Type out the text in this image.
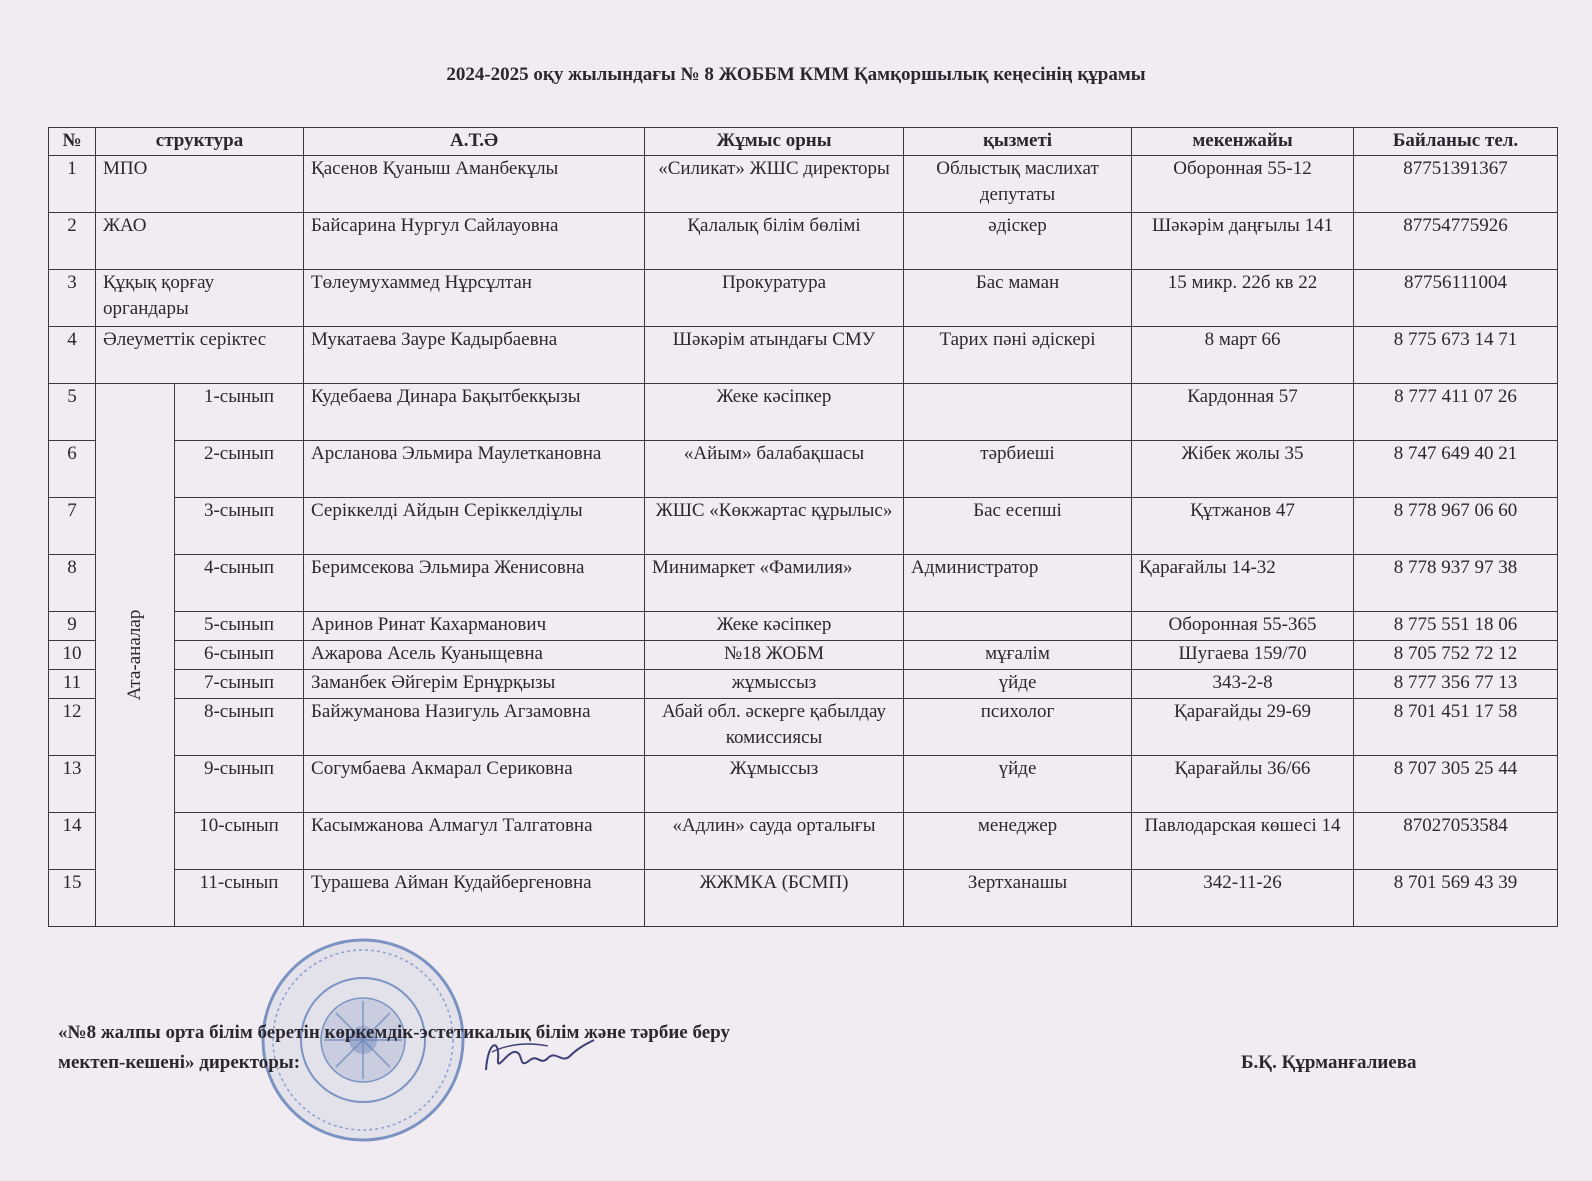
2024-2025 оқу жылындағы № 8 ЖОББМ КММ Қамқоршылық кеңесінің құрамы
№	структура		А.Т.Ә	Жұмыс орны	қызметі	мекенжайы	Байланыс тел.
1	МПО		Қасенов Қуаныш Аманбекұлы	«Силикат» ЖШС директоры	Облыстық маслихат депутаты	Оборонная 55-12	87751391367
2	ЖАО		Байсарина Нургул Сайлауовна	Қалалық білім бөлімі	әдіскер	Шәкәрім даңғылы 141	87754775926
3	Құқық қорғау органдары		Төлеумухаммед Нұрсұлтан	Прокуратура	Бас маман	15 микр. 22б кв 22	87756111004
4	Әлеуметтік серіктес		Мукатаева Зауре Кадырбаевна	Шәкәрім атындағы СМУ	Тарих пәні әдіскері	8 март 66	8 775 673 14 71
5	Ата-аналар	1-сынып	Кудебаева Динара Бақытбекқызы	Жеке кәсіпкер		Кардонная 57	8 777 411 07 26
6		2-сынып	Арсланова Эльмира Маулеткановна	«Айым» балабақшасы	тәрбиеші	Жібек жолы 35	8 747 649 40 21
7		3-сынып	Серіккелді Айдын Серіккелдіұлы	ЖШС «Көкжартас құрылыс»	Бас есепші	Құтжанов 47	8 778 967 06 60
8		4-сынып	Беримсекова Эльмира Женисовна	Минимаркет «Фамилия»	Администратор	Қарағайлы 14-32	8 778 937 97 38
9		5-сынып	Аринов Ринат Кахарманович	Жеке кәсіпкер		Оборонная 55-365	8 775 551 18 06
10		6-сынып	Ажарова Асель Куаныщевна	№18 ЖОБМ	мұғалім	Шугаева 159/70	8 705 752 72 12
11		7-сынып	Заманбек Әйгерім Ернұрқызы	жұмыссыз	үйде	343-2-8	8 777 356 77 13
12		8-сынып	Байжуманова Назигуль Агзамовна	Абай обл. әскерге қабылдау комиссиясы	психолог	Қарағайды 29-69	8 701 451 17 58
13		9-сынып	Согумбаева Акмарал Сериковна	Жұмыссыз	үйде	Қарағайлы 36/66	8 707 305 25 44
14		10-сынып	Касымжанова Алмагул Талгатовна	«Адлин» сауда орталығы	менеджер	Павлодарская көшесі 14	87027053584
15		11-сынып	Турашева Айман Кудайбергеновна	ЖЖМКА (БСМП)	Зертханашы	342-11-26	8 701 569 43 39
«№8 жалпы орта білім беретін көркемдік-эстетикалық білім және тәрбие беру
мектеп-кешені» директоры:	Б.Қ. Құрманғалиева
